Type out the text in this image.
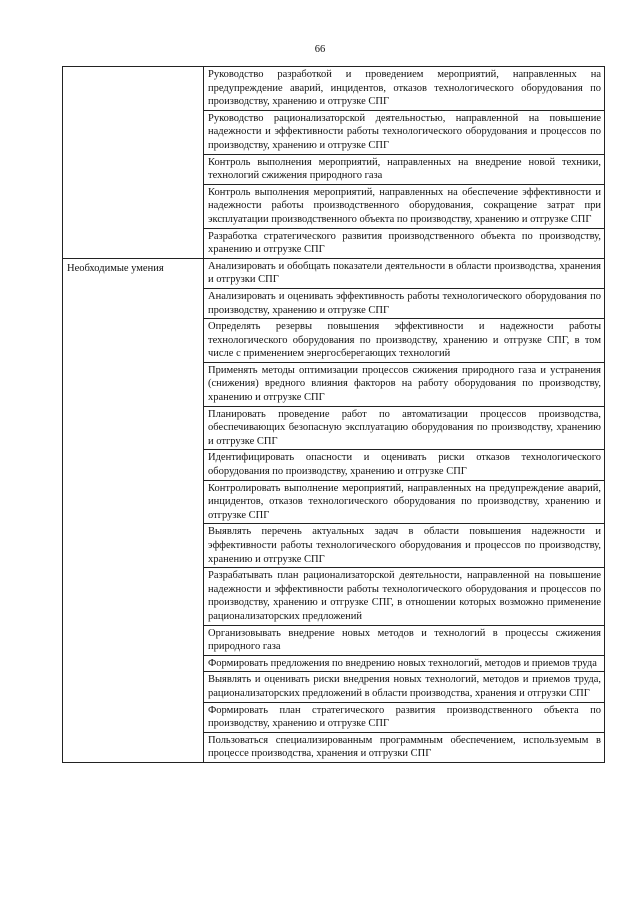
66
	Руководство разработкой и проведением мероприятий, направленных на предупреждение аварий, инцидентов, отказов технологического оборудования по производству, хранению и отгрузке СПГ
	Руководство рационализаторской деятельностью, направленной на повышение надежности и эффективности работы технологического оборудования и процессов по производству, хранению и отгрузке СПГ
	Контроль выполнения мероприятий, направленных на внедрение новой техники, технологий сжижения природного газа
	Контроль выполнения мероприятий, направленных на обеспечение эффективности и надежности работы производственного оборудования, сокращение затрат при эксплуатации производственного объекта по производству, хранению и отгрузке СПГ
	Разработка стратегического развития производственного объекта по производству, хранению и отгрузке СПГ
Необходимые умения	Анализировать и обобщать показатели деятельности в области производства, хранения и отгрузки СПГ
	Анализировать и оценивать эффективность работы технологического оборудования по производству, хранению и отгрузке СПГ
	Определять резервы повышения эффективности и надежности работы технологического оборудования по производству, хранению и отгрузке СПГ, в том числе с применением энергосберегающих технологий
	Применять методы оптимизации процессов сжижения природного газа и устранения (снижения) вредного влияния факторов на работу оборудования по производству, хранению и отгрузке СПГ
	Планировать проведение работ по автоматизации процессов производства, обеспечивающих безопасную эксплуатацию оборудования по производству, хранению и отгрузке СПГ
	Идентифицировать опасности и оценивать риски отказов технологического оборудования по производству, хранению и отгрузке СПГ
	Контролировать выполнение мероприятий, направленных на предупреждение аварий, инцидентов, отказов технологического оборудования по производству, хранению и отгрузке СПГ
	Выявлять перечень актуальных задач в области повышения надежности и эффективности работы технологического оборудования и процессов по производству, хранению и отгрузке СПГ
	Разрабатывать план рационализаторской деятельности, направленной на повышение надежности и эффективности работы технологического оборудования и процессов по производству, хранению и отгрузке СПГ, в отношении которых возможно применение рационализаторских предложений
	Организовывать внедрение новых методов и технологий в процессы сжижения природного газа
	Формировать предложения по внедрению новых технологий, методов и приемов труда
	Выявлять и оценивать риски внедрения новых технологий, методов и приемов труда, рационализаторских предложений в области производства, хранения и отгрузки СПГ
	Формировать план стратегического развития производственного объекта по производству, хранению и отгрузке СПГ
	Пользоваться специализированным программным обеспечением, используемым в процессе производства, хранения и отгрузки СПГ
